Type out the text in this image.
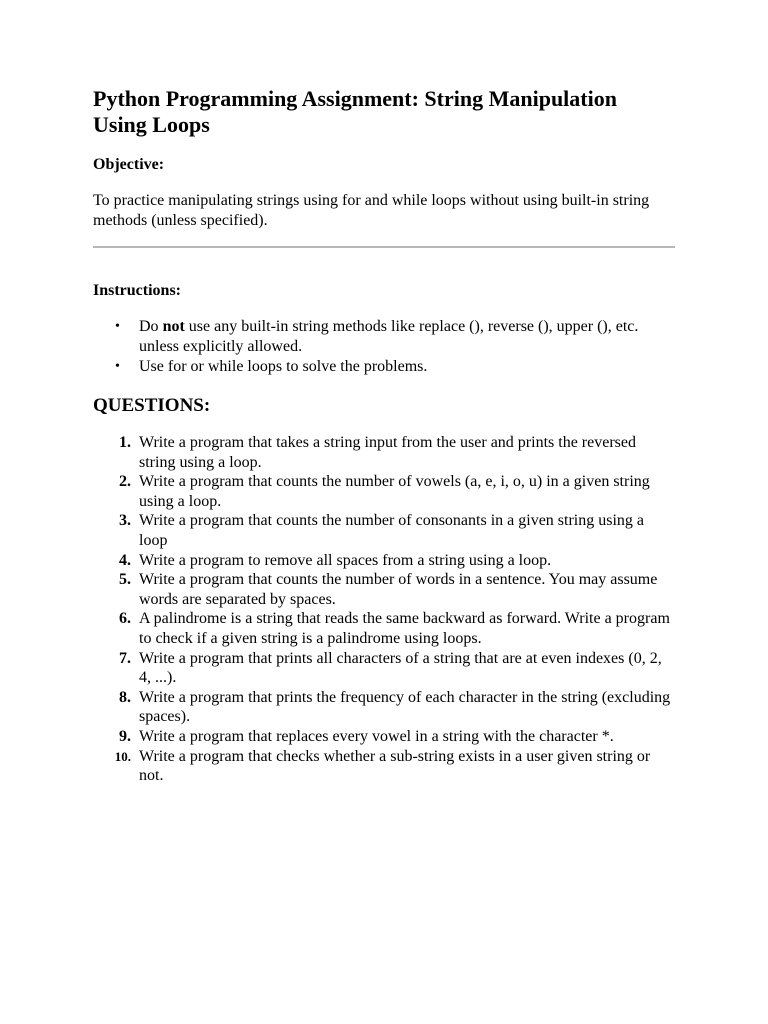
Python Programming Assignment: String Manipulation Using Loops

Objective:

To practice manipulating strings using for and while loops without using built-in string methods (unless specified).

Instructions:

• Do not use any built-in string methods like replace (), reverse (), upper (), etc. unless explicitly allowed.
• Use for or while loops to solve the problems.

QUESTIONS:

1. Write a program that takes a string input from the user and prints the reversed string using a loop.
2. Write a program that counts the number of vowels (a, e, i, o, u) in a given string using a loop.
3. Write a program that counts the number of consonants in a given string using a loop
4. Write a program to remove all spaces from a string using a loop.
5. Write a program that counts the number of words in a sentence. You may assume words are separated by spaces.
6. A palindrome is a string that reads the same backward as forward. Write a program to check if a given string is a palindrome using loops.
7. Write a program that prints all characters of a string that are at even indexes (0, 2, 4, ...).
8. Write a program that prints the frequency of each character in the string (excluding spaces).
9. Write a program that replaces every vowel in a string with the character *.
10. Write a program that checks whether a sub-string exists in a user given string or not.
